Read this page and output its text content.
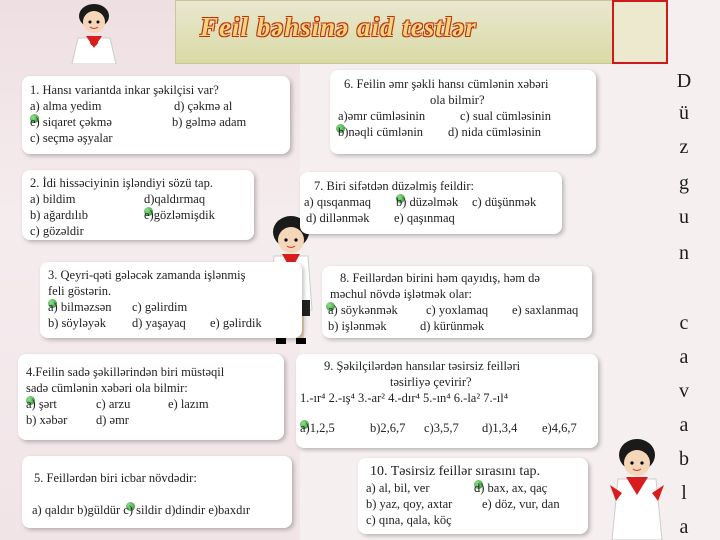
Feil bəhsinə aid testlər
D
ü
z
g
u
n
c
a
v
a
b
l
a
1. Hansı variantda inkar şəkilçisi var?
a) alma yedim	d) çəkmə al
e) siqaret çəkmə	b) gəlmə adam
c) seçmə əşyalar
2. İdi hissəciyinin işləndiyi sözü tap.
a) bildim	d)qaldırmaq
b) ağardılıb	e)gözləmişdik
c) gözəldir
3. Qeyri-qəti gələcək zamanda işlənmiş
feli göstərin.
a) bilməzsən c) gəlirdim
b) söyləyək d) yaşayaq e) gəlirdik
4.Feilin sadə şəkillərindən biri müstəqil
sadə cümlənin xəbəri ola bilmir:
a) şərt	c) arzu	e) lazım
b) xəbər d) əmr
5. Feillərdən biri icbar növdədir:
a) qaldır b)güldür c) sildir d)dindir e)baxdır
6. Feilin əmr şəkli hansı cümlənin xəbəri
ola bilmir?
a)əmr cümləsinin	c) sual cümləsinin
b)nəqli cümlənin d) nida cümləsinin
7. Biri sifətdən düzəlmiş feildir:
a) qısqanmaq b) düzəlmək c) düşünmək
d) dillənmək e) qaşınmaq
8. Feillərdən birini həm qayıdış, həm də
məchul növdə işlətmək olar:
a) söykənmək c) yoxlamaq e) saxlanmaq
b) işlənmək	d) kürünmək
9. Şəkilçilərdən hansılar təsirsiz feilləri
təsirliyə çevirir?
1.-ır⁴ 2.-ış⁴ 3.-ar² 4.-dır⁴ 5.-ın⁴ 6.-la² 7.-ıl⁴
a)1,2,5	b)2,6,7 c)3,5,7 d)1,3,4 e)4,6,7
10. Təsirsiz feillər sırasını tap.
a) al, bil, ver	d) bax, ax, qaç
b) yaz, qoy, axtar e) döz, vur, dan
c) qına, qala, köç
